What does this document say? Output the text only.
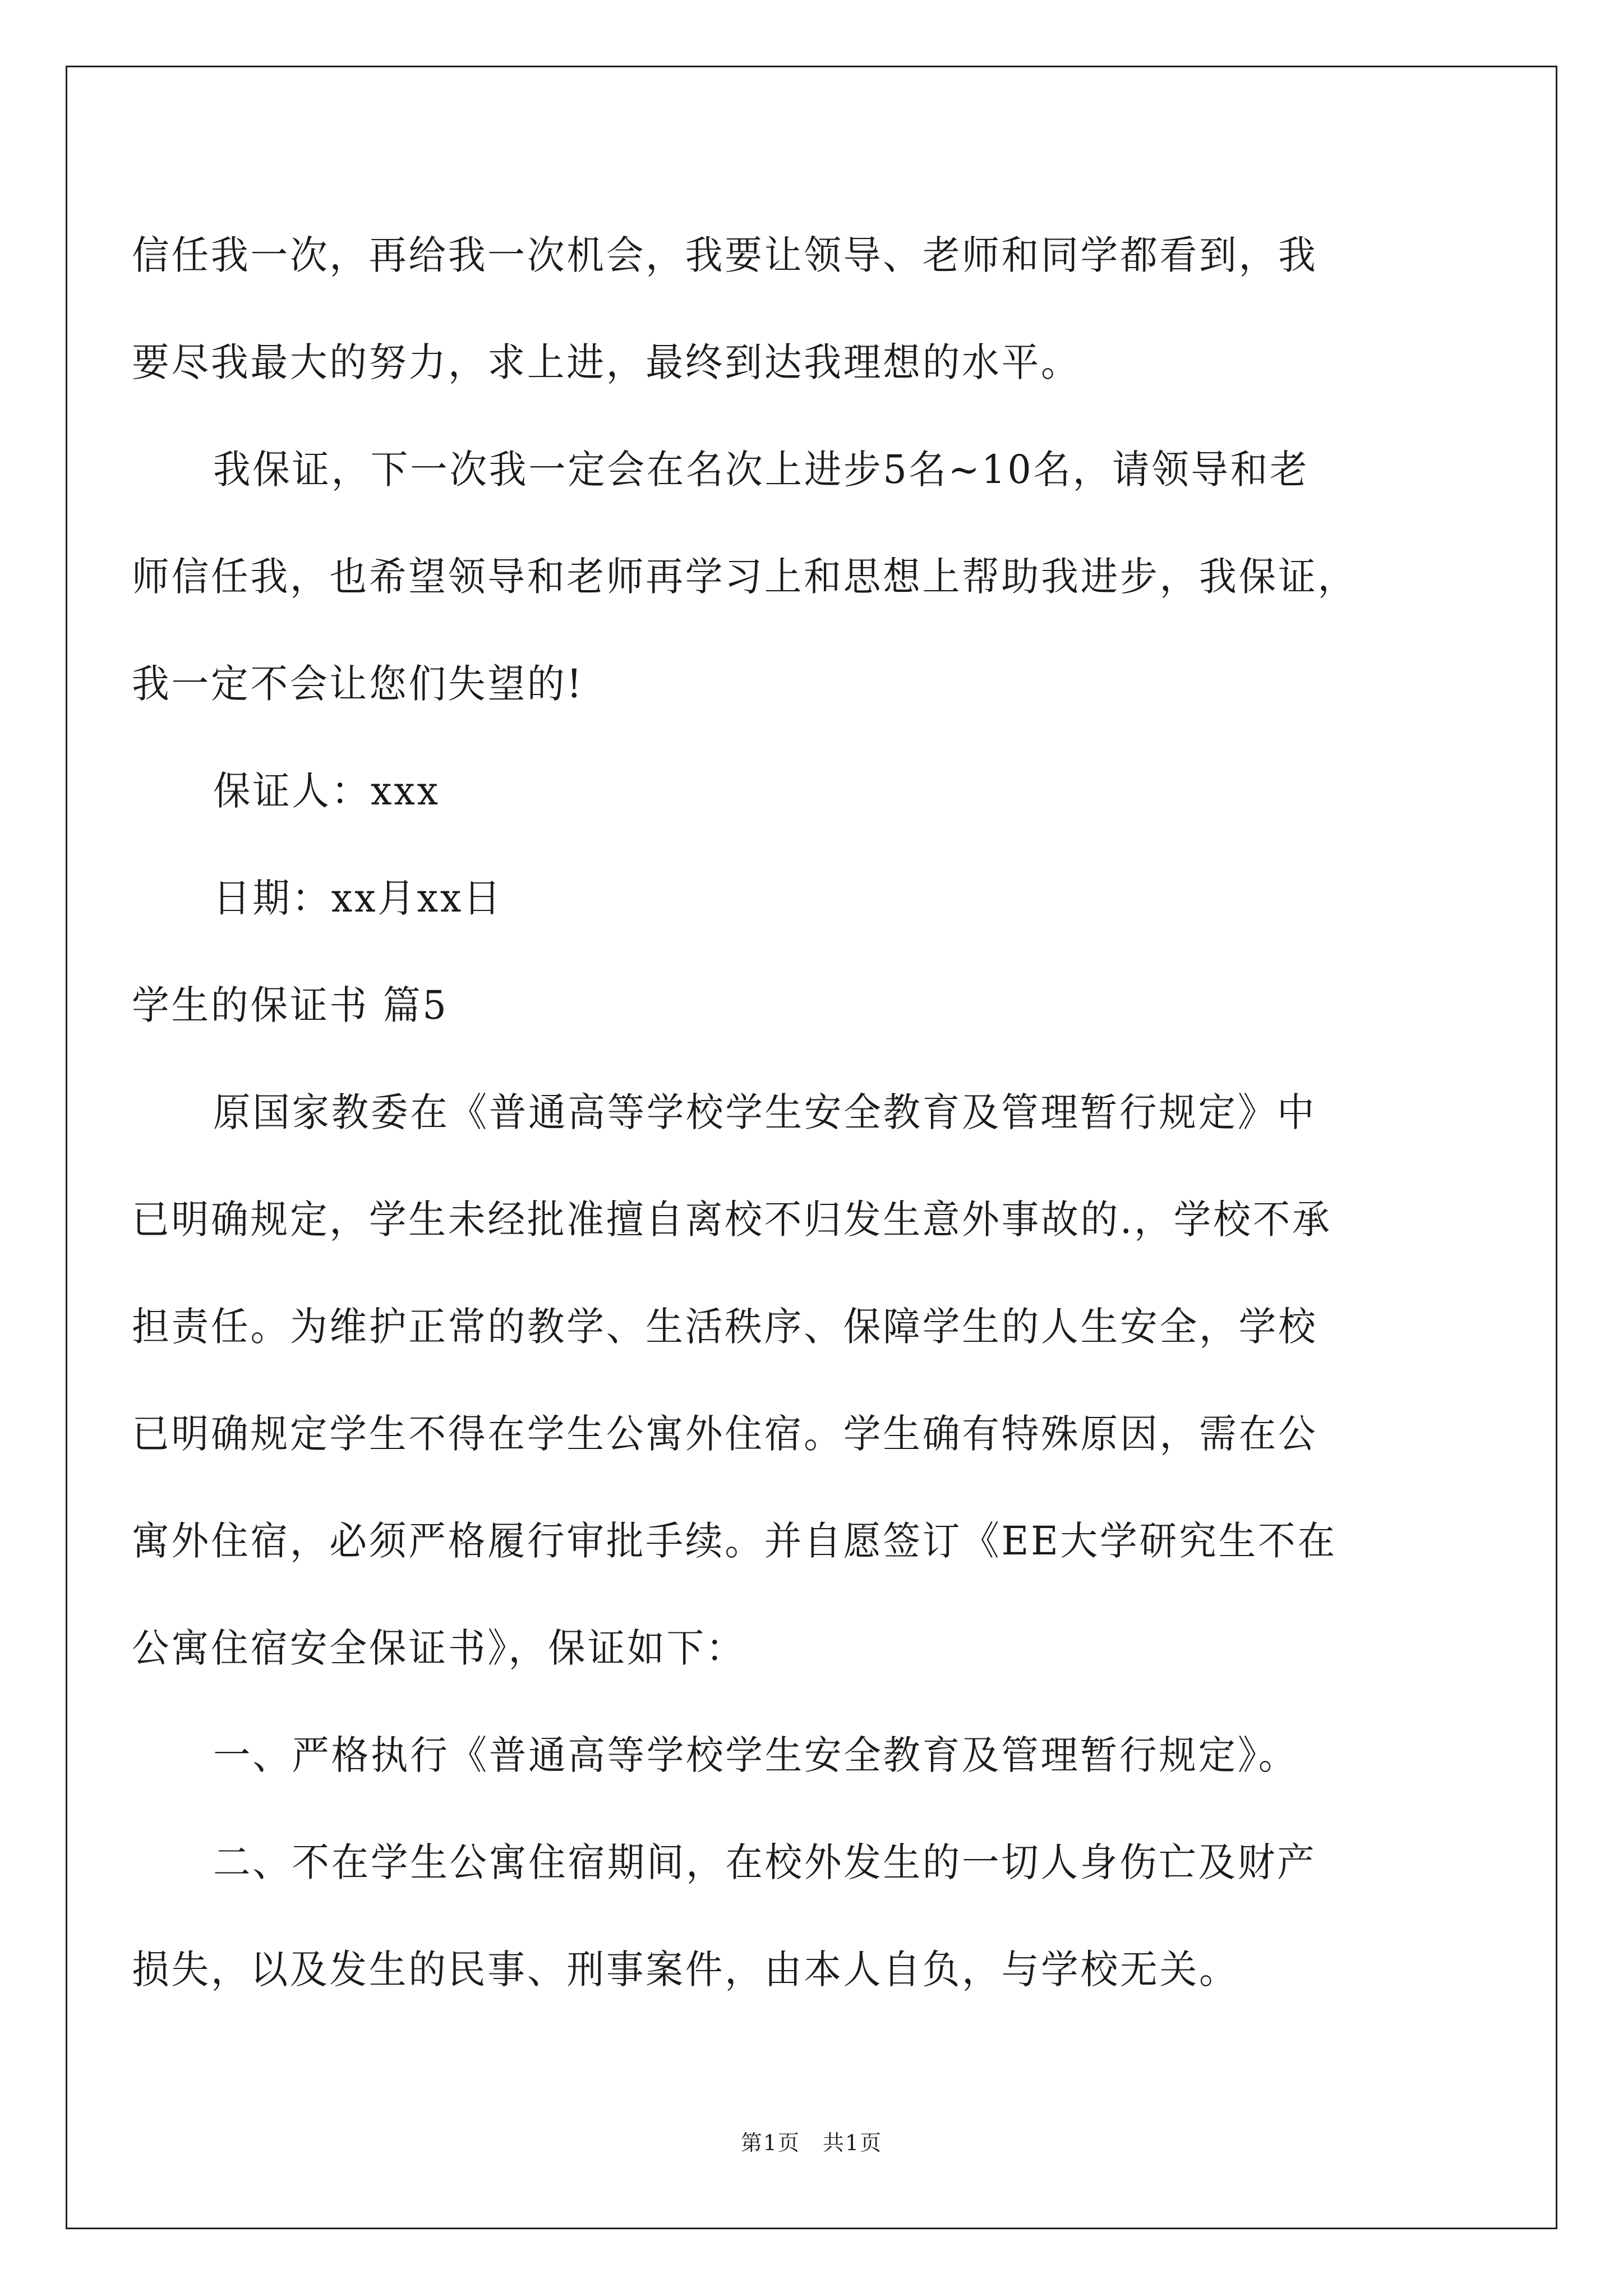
信任我一次，再给我一次机会，我要让领导、老师和同学都看到，我

要尽我最大的努力，求上进，最终到达我理想的水平。

我保证，下一次我一定会在名次上进步5名~10名，请领导和老

师信任我，也希望领导和老师再学习上和思想上帮助我进步，我保证，

我一定不会让您们失望的!

保证人：xxx

日期：xx月xx日

学生的保证书 篇5

原国家教委在《普通高等学校学生安全教育及管理暂行规定》中

已明确规定，学生未经批准擅自离校不归发生意外事故的.，学校不承

担责任。为维护正常的教学、生活秩序、保障学生的人生安全，学校

已明确规定学生不得在学生公寓外住宿。学生确有特殊原因，需在公

寓外住宿，必须严格履行审批手续。并自愿签订《EE大学研究生不在

公寓住宿安全保证书》，保证如下：

一、严格执行《普通高等学校学生安全教育及管理暂行规定》。

二、不在学生公寓住宿期间，在校外发生的一切人身伤亡及财产

损失，以及发生的民事、刑事案件，由本人自负，与学校无关。

第1页　共1页
